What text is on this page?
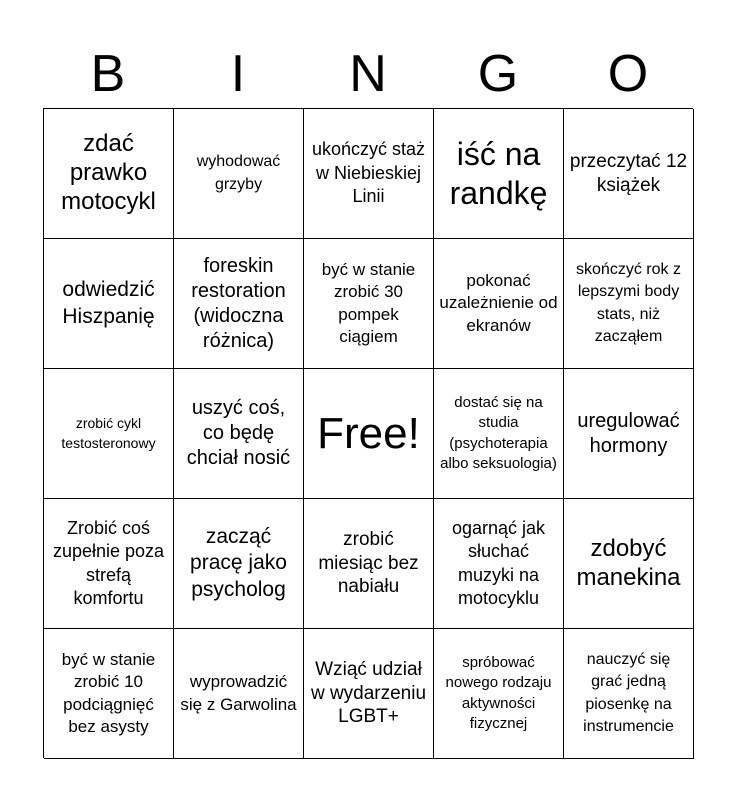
B	I	N	G	O
zdać prawko motocykl
wyhodować grzyby
ukończyć staż w Niebieskiej Linii
iść na randkę
przeczytać 12 książek
odwiedzić Hiszpanię
foreskin restoration (widoczna różnica)
być w stanie zrobić 30 pompek ciągiem
pokonać uzależnienie od ekranów
skończyć rok z lepszymi body stats, niż zacząłem
zrobić cykl testosteronowy
uszyć coś, co będę chciał nosić
Free!
dostać się na studia (psychoterapia albo seksuologia)
uregulować hormony
Zrobić coś zupełnie poza strefą komfortu
zacząć pracę jako psycholog
zrobić miesiąc bez nabiału
ogarnąć jak słuchać muzyki na motocyklu
zdobyć manekina
być w stanie zrobić 10 podciągnięć bez asysty
wyprowadzić się z Garwolina
Wziąć udział w wydarzeniu LGBT+
spróbować nowego rodzaju aktywności fizycznej
nauczyć się grać jedną piosenkę na instrumencie
